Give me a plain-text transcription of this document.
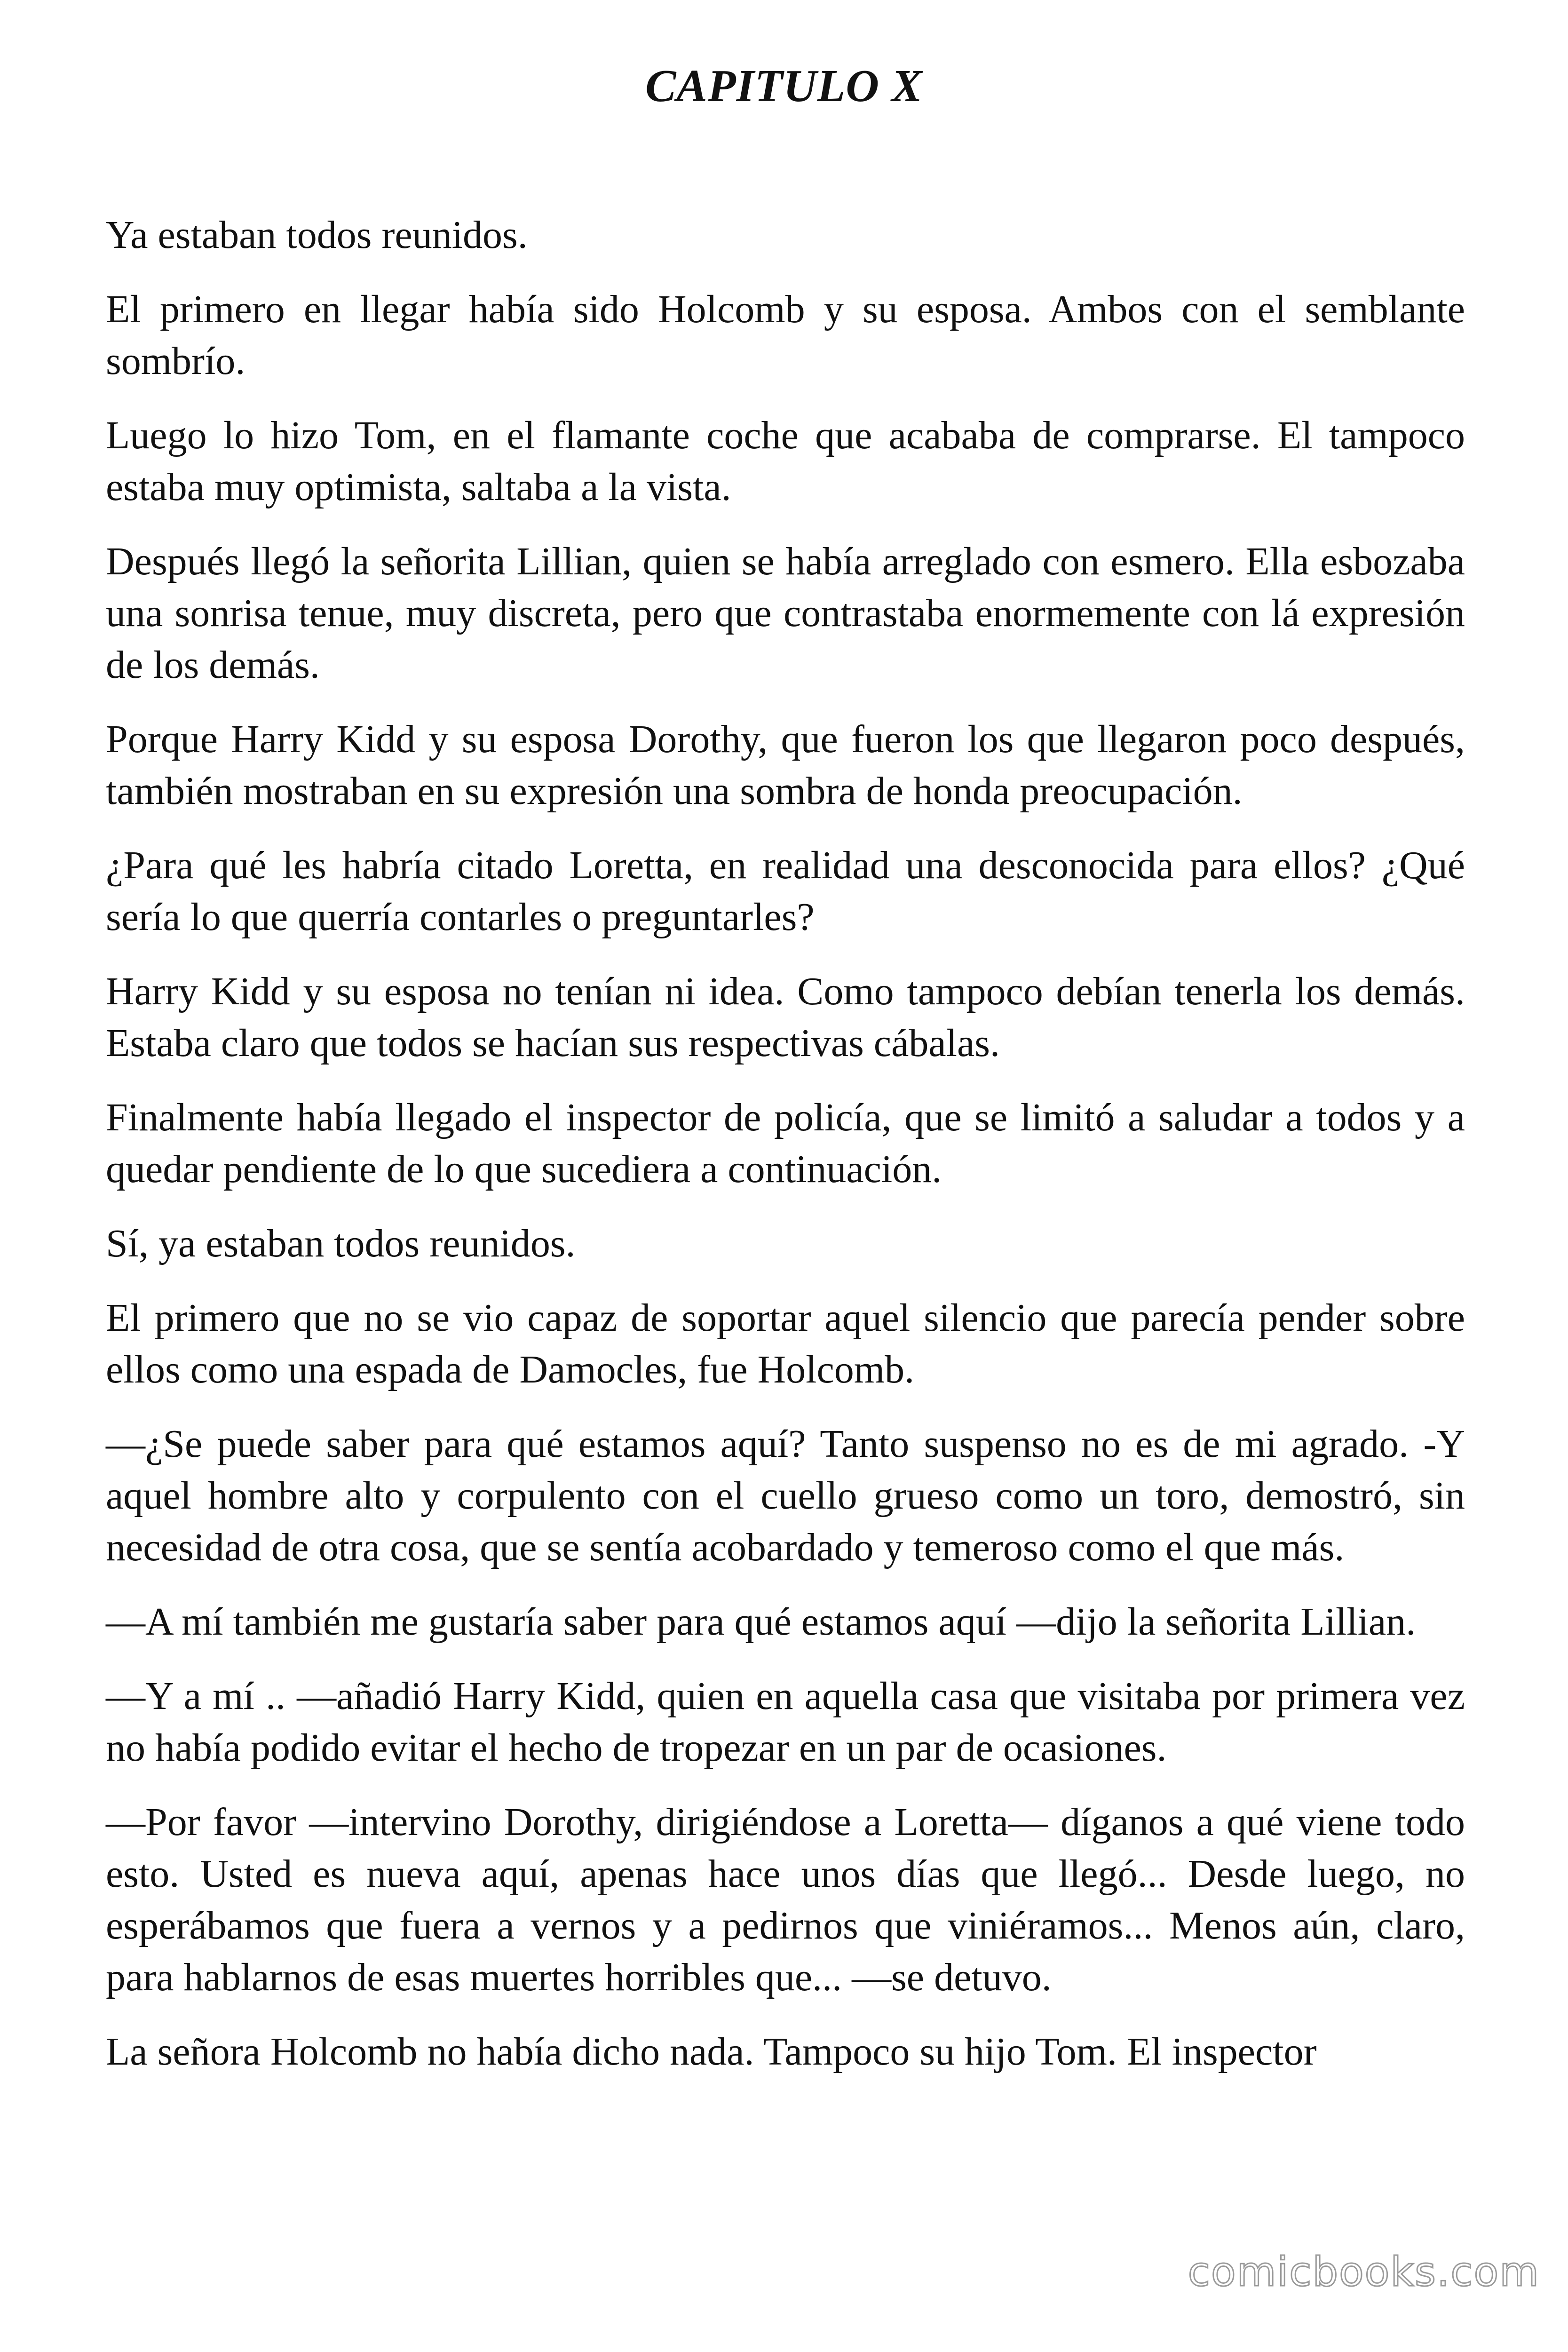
CAPITULO X

Ya estaban todos reunidos.

El primero en llegar había sido Holcomb y su esposa. Ambos con el semblante sombrío.

Luego lo hizo Tom, en el flamante coche que acababa de comprarse. El tampoco estaba muy optimista, saltaba a la vista.

Después llegó la señorita Lillian, quien se había arreglado con esmero. Ella esbozaba una sonrisa tenue, muy discreta, pero que contrastaba enormemente con lá expresión de los demás.

Porque Harry Kidd y su esposa Dorothy, que fueron los que llegaron poco después, también mostraban en su expresión una sombra de honda preocupación.

¿Para qué les habría citado Loretta, en realidad una desconocida para ellos? ¿Qué sería lo que querría contarles o preguntarles?

Harry Kidd y su esposa no tenían ni idea. Como tampoco debían tenerla los demás. Estaba claro que todos se hacían sus respectivas cábalas.

Finalmente había llegado el inspector de policía, que se limitó a saludar a todos y a quedar pendiente de lo que sucediera a continuación.

Sí, ya estaban todos reunidos.

El primero que no se vio capaz de soportar aquel silencio que parecía pender sobre ellos como una espada de Damocles, fue Holcomb.

—¿Se puede saber para qué estamos aquí? Tanto suspenso no es de mi agrado. -Y aquel hombre alto y corpulento con el cuello grueso como un toro, demostró, sin necesidad de otra cosa, que se sentía acobardado y temeroso como el que más.

—A mí también me gustaría saber para qué estamos aquí —dijo la señorita Lillian.

—Y a mí .. —añadió Harry Kidd, quien en aquella casa que visitaba por primera vez no había podido evitar el hecho de tropezar en un par de ocasiones.

—Por favor —intervino Dorothy, dirigiéndose a Loretta— díganos a qué viene todo esto. Usted es nueva aquí, apenas hace unos días que llegó... Desde luego, no esperábamos que fuera a vernos y a pedirnos que viniéramos... Menos aún, claro, para hablarnos de esas muertes horribles que... —se detuvo.

La señora Holcomb no había dicho nada. Tampoco su hijo Tom. El inspector

comicbooks.com
